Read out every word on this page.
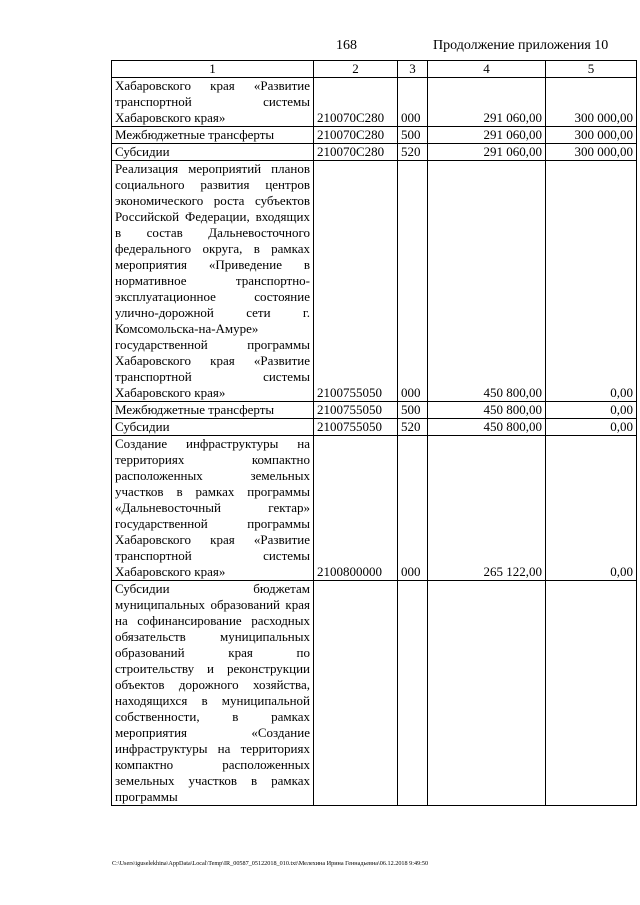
168	Продолжение приложения 10
1	2	3	4	5
Хабаровского края «Развитие транспортной системы Хабаровского края»	210070С280	000	291 060,00	300 000,00
Межбюджетные трансферты	210070С280	500	291 060,00	300 000,00
Субсидии	210070С280	520	291 060,00	300 000,00
Реализация мероприятий планов социального развития центров экономического роста субъектов Российской Федерации, входящих в состав Дальневосточного федерального округа, в рамках мероприятия «Приведение в нормативное транспортно-эксплуатационное состояние улично-дорожной сети г. Комсомольска-на-Амуре» государственной программы Хабаровского края «Развитие транспортной системы Хабаровского края»	2100755050	000	450 800,00	0,00
Межбюджетные трансферты	2100755050	500	450 800,00	0,00
Субсидии	2100755050	520	450 800,00	0,00
Создание инфраструктуры на территориях компактно расположенных земельных участков в рамках программы «Дальневосточный гектар» государственной программы Хабаровского края «Развитие транспортной системы Хабаровского края»	2100800000	000	265 122,00	0,00
Субсидии бюджетам муниципальных образований края на софинансирование расходных обязательств муниципальных образований края по строительству и реконструкции объектов дорожного хозяйства, находящихся в муниципальной собственности, в рамках мероприятия «Создание инфраструктуры на территориях компактно расположенных земельных участков в рамках программы				
C:\Users\iguselekhina\AppData\Local\Temp\IR_00587_05122018_010.txt\Мелехина Ирина Геннадьевна\06.12.2018 9:49:50
